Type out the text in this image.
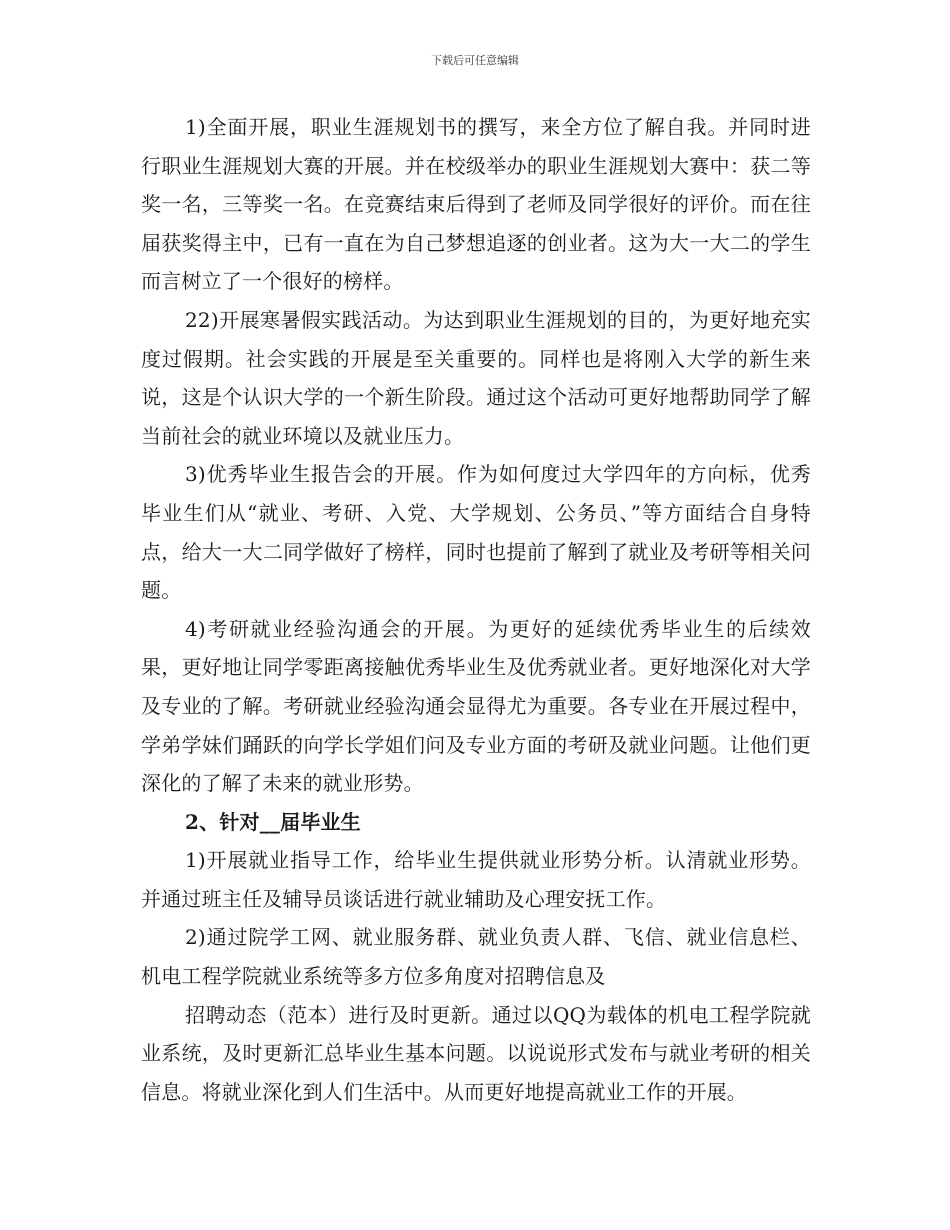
下载后可任意编辑

1)全面开展，职业生涯规划书的撰写，来全方位了解自我。并同时进行职业生涯规划大赛的开展。并在校级举办的职业生涯规划大赛中：获二等奖一名，三等奖一名。在竞赛结束后得到了老师及同学很好的评价。而在往届获奖得主中，已有一直在为自己梦想追逐的创业者。这为大一大二的学生而言树立了一个很好的榜样。

22)开展寒暑假实践活动。为达到职业生涯规划的目的，为更好地充实度过假期。社会实践的开展是至关重要的。同样也是将刚入大学的新生来说，这是个认识大学的一个新生阶段。通过这个活动可更好地帮助同学了解当前社会的就业环境以及就业压力。

3)优秀毕业生报告会的开展。作为如何度过大学四年的方向标，优秀毕业生们从“就业、考研、入党、大学规划、公务员、”等方面结合自身特点，给大一大二同学做好了榜样，同时也提前了解到了就业及考研等相关问题。

4)考研就业经验沟通会的开展。为更好的延续优秀毕业生的后续效果，更好地让同学零距离接触优秀毕业生及优秀就业者。更好地深化对大学及专业的了解。考研就业经验沟通会显得尤为重要。各专业在开展过程中，学弟学妹们踊跃的向学长学姐们问及专业方面的考研及就业问题。让他们更深化的了解了未来的就业形势。

2、针对__届毕业生

1)开展就业指导工作，给毕业生提供就业形势分析。认清就业形势。并通过班主任及辅导员谈话进行就业辅助及心理安抚工作。

2)通过院学工网、就业服务群、就业负责人群、飞信、就业信息栏、机电工程学院就业系统等多方位多角度对招聘信息及

招聘动态（范本）进行及时更新。通过以QQ为载体的机电工程学院就业系统，及时更新汇总毕业生基本问题。以说说形式发布与就业考研的相关信息。将就业深化到人们生活中。从而更好地提高就业工作的开展。
